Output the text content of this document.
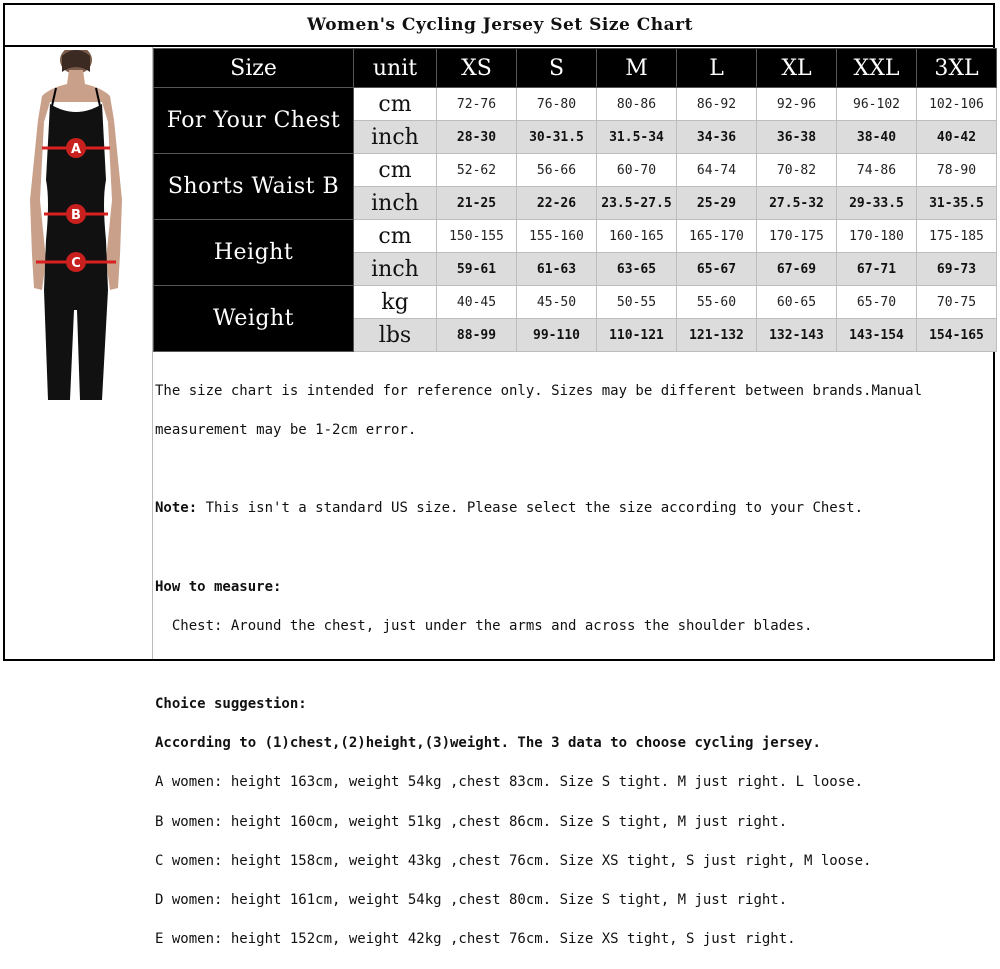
Women's Cycling Jersey Set Size Chart
A
B
C
Size	unit	XS	S	M	L	XL	XXL	3XL
For Your Chest	cm	72-76	76-80	80-86	86-92	92-96	96-102	102-106
	inch	28-30	30-31.5	31.5-34	34-36	36-38	38-40	40-42
Shorts Waist B	cm	52-62	56-66	60-70	64-74	70-82	74-86	78-90
	inch	21-25	22-26	23.5-27.5	25-29	27.5-32	29-33.5	31-35.5
Height	cm	150-155	155-160	160-165	165-170	170-175	170-180	175-185
	inch	59-61	61-63	63-65	65-67	67-69	67-71	69-73
Weight	kg	40-45	45-50	50-55	55-60	60-65	65-70	70-75
	lbs	88-99	99-110	110-121	121-132	132-143	143-154	154-165

The size chart is intended for reference only. Sizes may be different between brands.Manual

measurement may be 1-2cm error.

Note: This isn't a standard US size. Please select the size according to your Chest.

How to measure:

Chest: Around the chest, just under the arms and across the shoulder blades.

Choice suggestion:

According to (1)chest,(2)height,(3)weight. The 3 data to choose cycling jersey.

A women: height 163cm, weight 54kg ,chest 83cm. Size S tight. M just right. L loose.

B women: height 160cm, weight 51kg ,chest 86cm. Size S tight, M just right.

C women: height 158cm, weight 43kg ,chest 76cm. Size XS tight, S just right, M loose.

D women: height 161cm, weight 54kg ,chest 80cm. Size S tight, M just right.

E women: height 152cm, weight 42kg ,chest 76cm. Size XS tight, S just right.
